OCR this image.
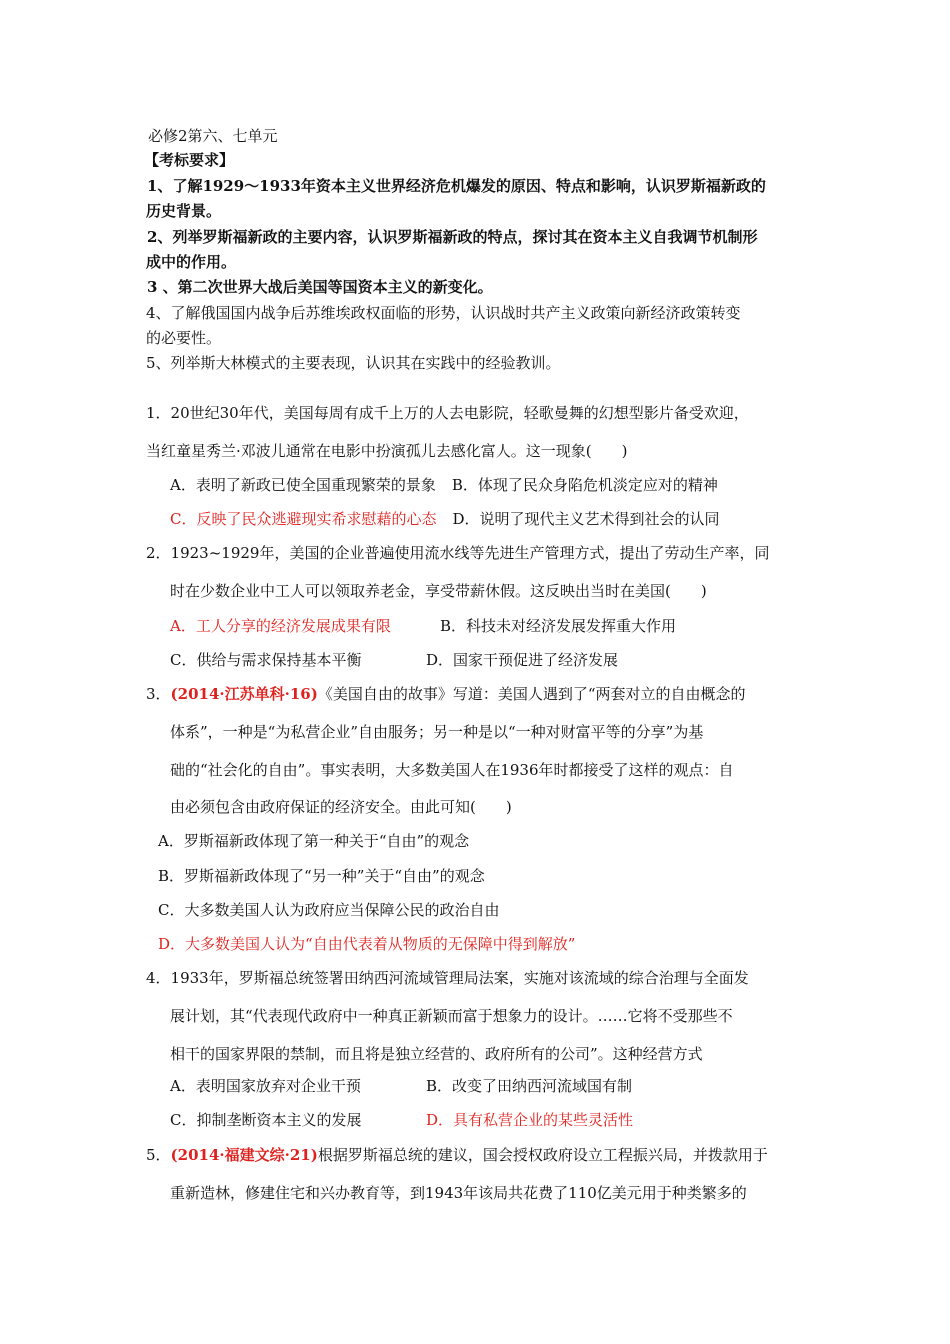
必修2第六、七单元
【考标要求】
1、了解1929～1933年资本主义世界经济危机爆发的原因、特点和影响，认识罗斯福新政的
历史背景。
2、列举罗斯福新政的主要内容，认识罗斯福新政的特点，探讨其在资本主义自我调节机制形
成中的作用。
3 、第二次世界大战后美国等国资本主义的新变化。
4、了解俄国国内战争后苏维埃政权面临的形势，认识战时共产主义政策向新经济政策转变
的必要性。
5、列举斯大林模式的主要表现，认识其在实践中的经验教训。
1．20世纪30年代，美国每周有成千上万的人去电影院，轻歌曼舞的幻想型影片备受欢迎，
当红童星秀兰·邓波儿通常在电影中扮演孤儿去感化富人。这一现象(　　)
A．表明了新政已使全国重现繁荣的景象 B．体现了民众身陷危机淡定应对的精神
C．反映了民众逃避现实希求慰藉的心态 D．说明了现代主义艺术得到社会的认同
2．1923~1929年，美国的企业普遍使用流水线等先进生产管理方式，提出了劳动生产率，同
时在少数企业中工人可以领取养老金，享受带薪休假。这反映出当时在美国(　　)
A．工人分享的经济发展成果有限	B．科技未对经济发展发挥重大作用
C．供给与需求保持基本平衡	D．国家干预促进了经济发展
3．(2014·江苏单科·16)《美国自由的故事》写道：美国人遇到了“两套对立的自由概念的
体系”，一种是“为私营企业”自由服务；另一种是以“一种对财富平等的分享”为基
础的“社会化的自由”。事实表明，大多数美国人在1936年时都接受了这样的观点：自
由必须包含由政府保证的经济安全。由此可知(　　)
A．罗斯福新政体现了第一种关于“自由”的观念
B．罗斯福新政体现了“另一种”关于“自由”的观念
C．大多数美国人认为政府应当保障公民的政治自由
D．大多数美国人认为“自由代表着从物质的无保障中得到解放”
4．1933年，罗斯福总统签署田纳西河流域管理局法案，实施对该流域的综合治理与全面发
展计划，其“代表现代政府中一种真正新颖而富于想象力的设计。……它将不受那些不
相干的国家界限的禁制，而且将是独立经营的、政府所有的公司”。这种经营方式
A．表明国家放弃对企业干预	B．改变了田纳西河流域国有制
C．抑制垄断资本主义的发展	D．具有私营企业的某些灵活性
5．(2014·福建文综·21)根据罗斯福总统的建议，国会授权政府设立工程振兴局，并拨款用于
重新造林，修建住宅和兴办教育等，到1943年该局共花费了110亿美元用于种类繁多的
